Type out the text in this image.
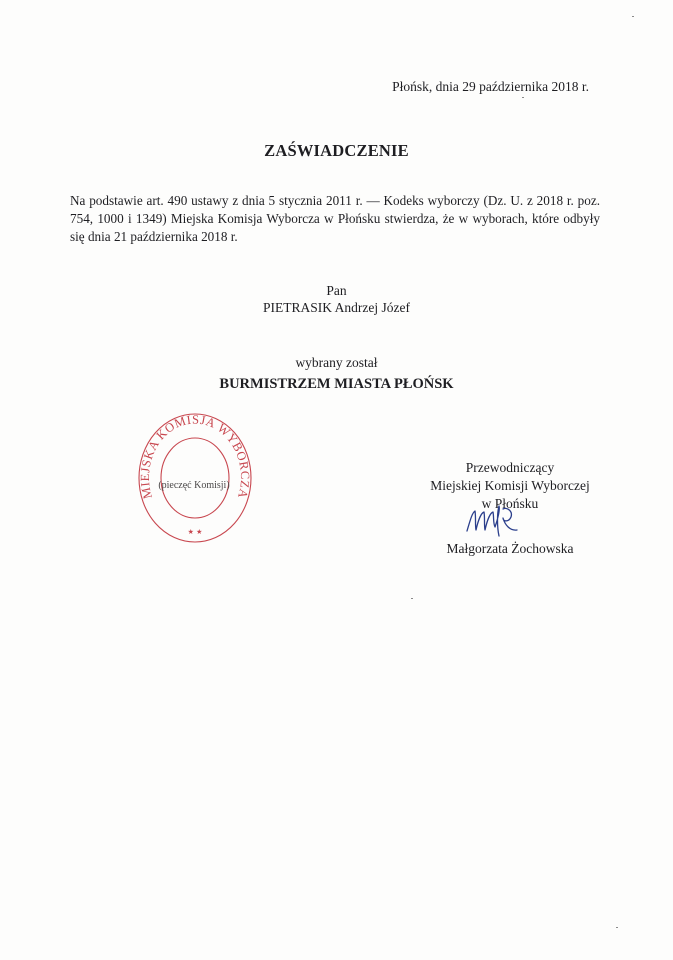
Płońsk, dnia 29 października 2018 r.
ZAŚWIADCZENIE
Na podstawie art. 490 ustawy z dnia 5 stycznia 2011 r. — Kodeks wyborczy (Dz. U. z 2018 r. poz. 754, 1000 i 1349) Miejska Komisja Wyborcza w Płońsku stwierdza, że w wyborach, które odbyły się dnia 21 października 2018 r.
Pan
PIETRASIK Andrzej Józef
wybrany został
BURMISTRZEM MIASTA PŁOŃSK
MIEJSKA KOMISJA WYBORCZA
★ ★
(pieczęć Komisji)
Przewodniczący
Miejskiej Komisji Wyborczej
w Płońsku
Małgorzata Żochowska
